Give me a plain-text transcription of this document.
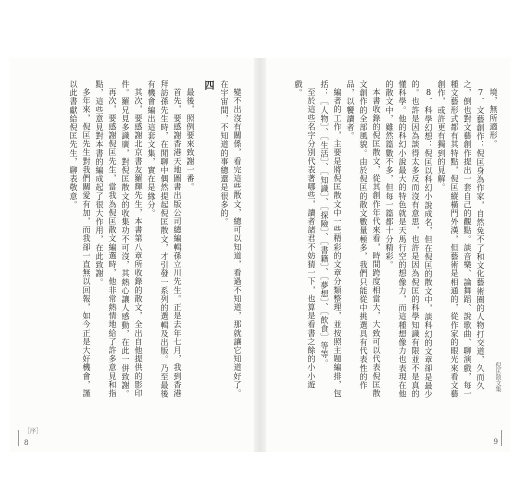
變不出沒有關係，看完這些散文，總可以知道，看過不知道，那就讓它知道好了。在宇宙間，不知道的事總還是很多的。

四

最後，照例要來致謝一番。

首先，要感謝香港天地圖書出版公司總編輯孫立川先生。正是去年七月，我到香港拜訪孫先生時，在閒聊中偶然提起倪匡散文，才引發一系列的選輯及出版。乃至最後有機會編出這套文集，實在是緣分。

其次，要感謝北京書友羅輝先生，本書第八章所收錄的散文，全出自他提供的影印件。羅兄見多識廣，對倪匡散文的收集功不可沒，其熱心讓人感動，在此一併致謝。

再次，要感謝倪匡先生，當我為倪匡散文編選時，他非常熱情地給了許多意見和指點，這些意見對本書的編成起了很大作用，在此致謝。

多年來，倪匡先生對我們關愛有加，而我卻一直無以回報，如今正是大好機會，謹以此書獻給倪匡先生，聊表敬意。

［序］
8

境，無所適形。

7．文藝創作：倪匡身為作家，自然免不了和文化藝術圈的人物打交道，久而久之，倒也對文藝創作提出一套自己的觀點。談音樂、論舞蹈、說歌曲、聊演戲，每一種文藝形式都有其特點，倪匡縱橫門外漢，但藝術是相通的，從作家的眼光來看文藝創作，或許更有獨到的見解。

8．科學幻想：倪匡以科幻小說成名，但在倪匡的散文中，談科幻的文章卻是最少的。也許是因為談得太多反而沒有意思，也許是因為倪匡的科學知識有限並不是真的懂科學。他的科幻小說最大的特色就是天馬行空的想像力，而這種想像力也表現在他的散文中，雖然篇數不多，但每一篇都十分精彩。

本書收錄的倪匡散文，從其創作年代來看，時間跨度相當大，大致可以代表倪匡散文創作的全部風貌。由於倪匡的散文數量極多，我們只能從中挑選具有代表性的作品，以饗讀者。

編者的工作，主要是將倪匡散文中一些精彩的文章分類整理，並按照主題編排，包括：［人物］、［生活］、［知識］、［探險］、［書籍］、［夢想］、［飲食］等等。

至於這些名字分別代表著哪些，讀者諸君不妨猜一下，也算是看書之餘的小小遊戲。

倪匡散文集
9
